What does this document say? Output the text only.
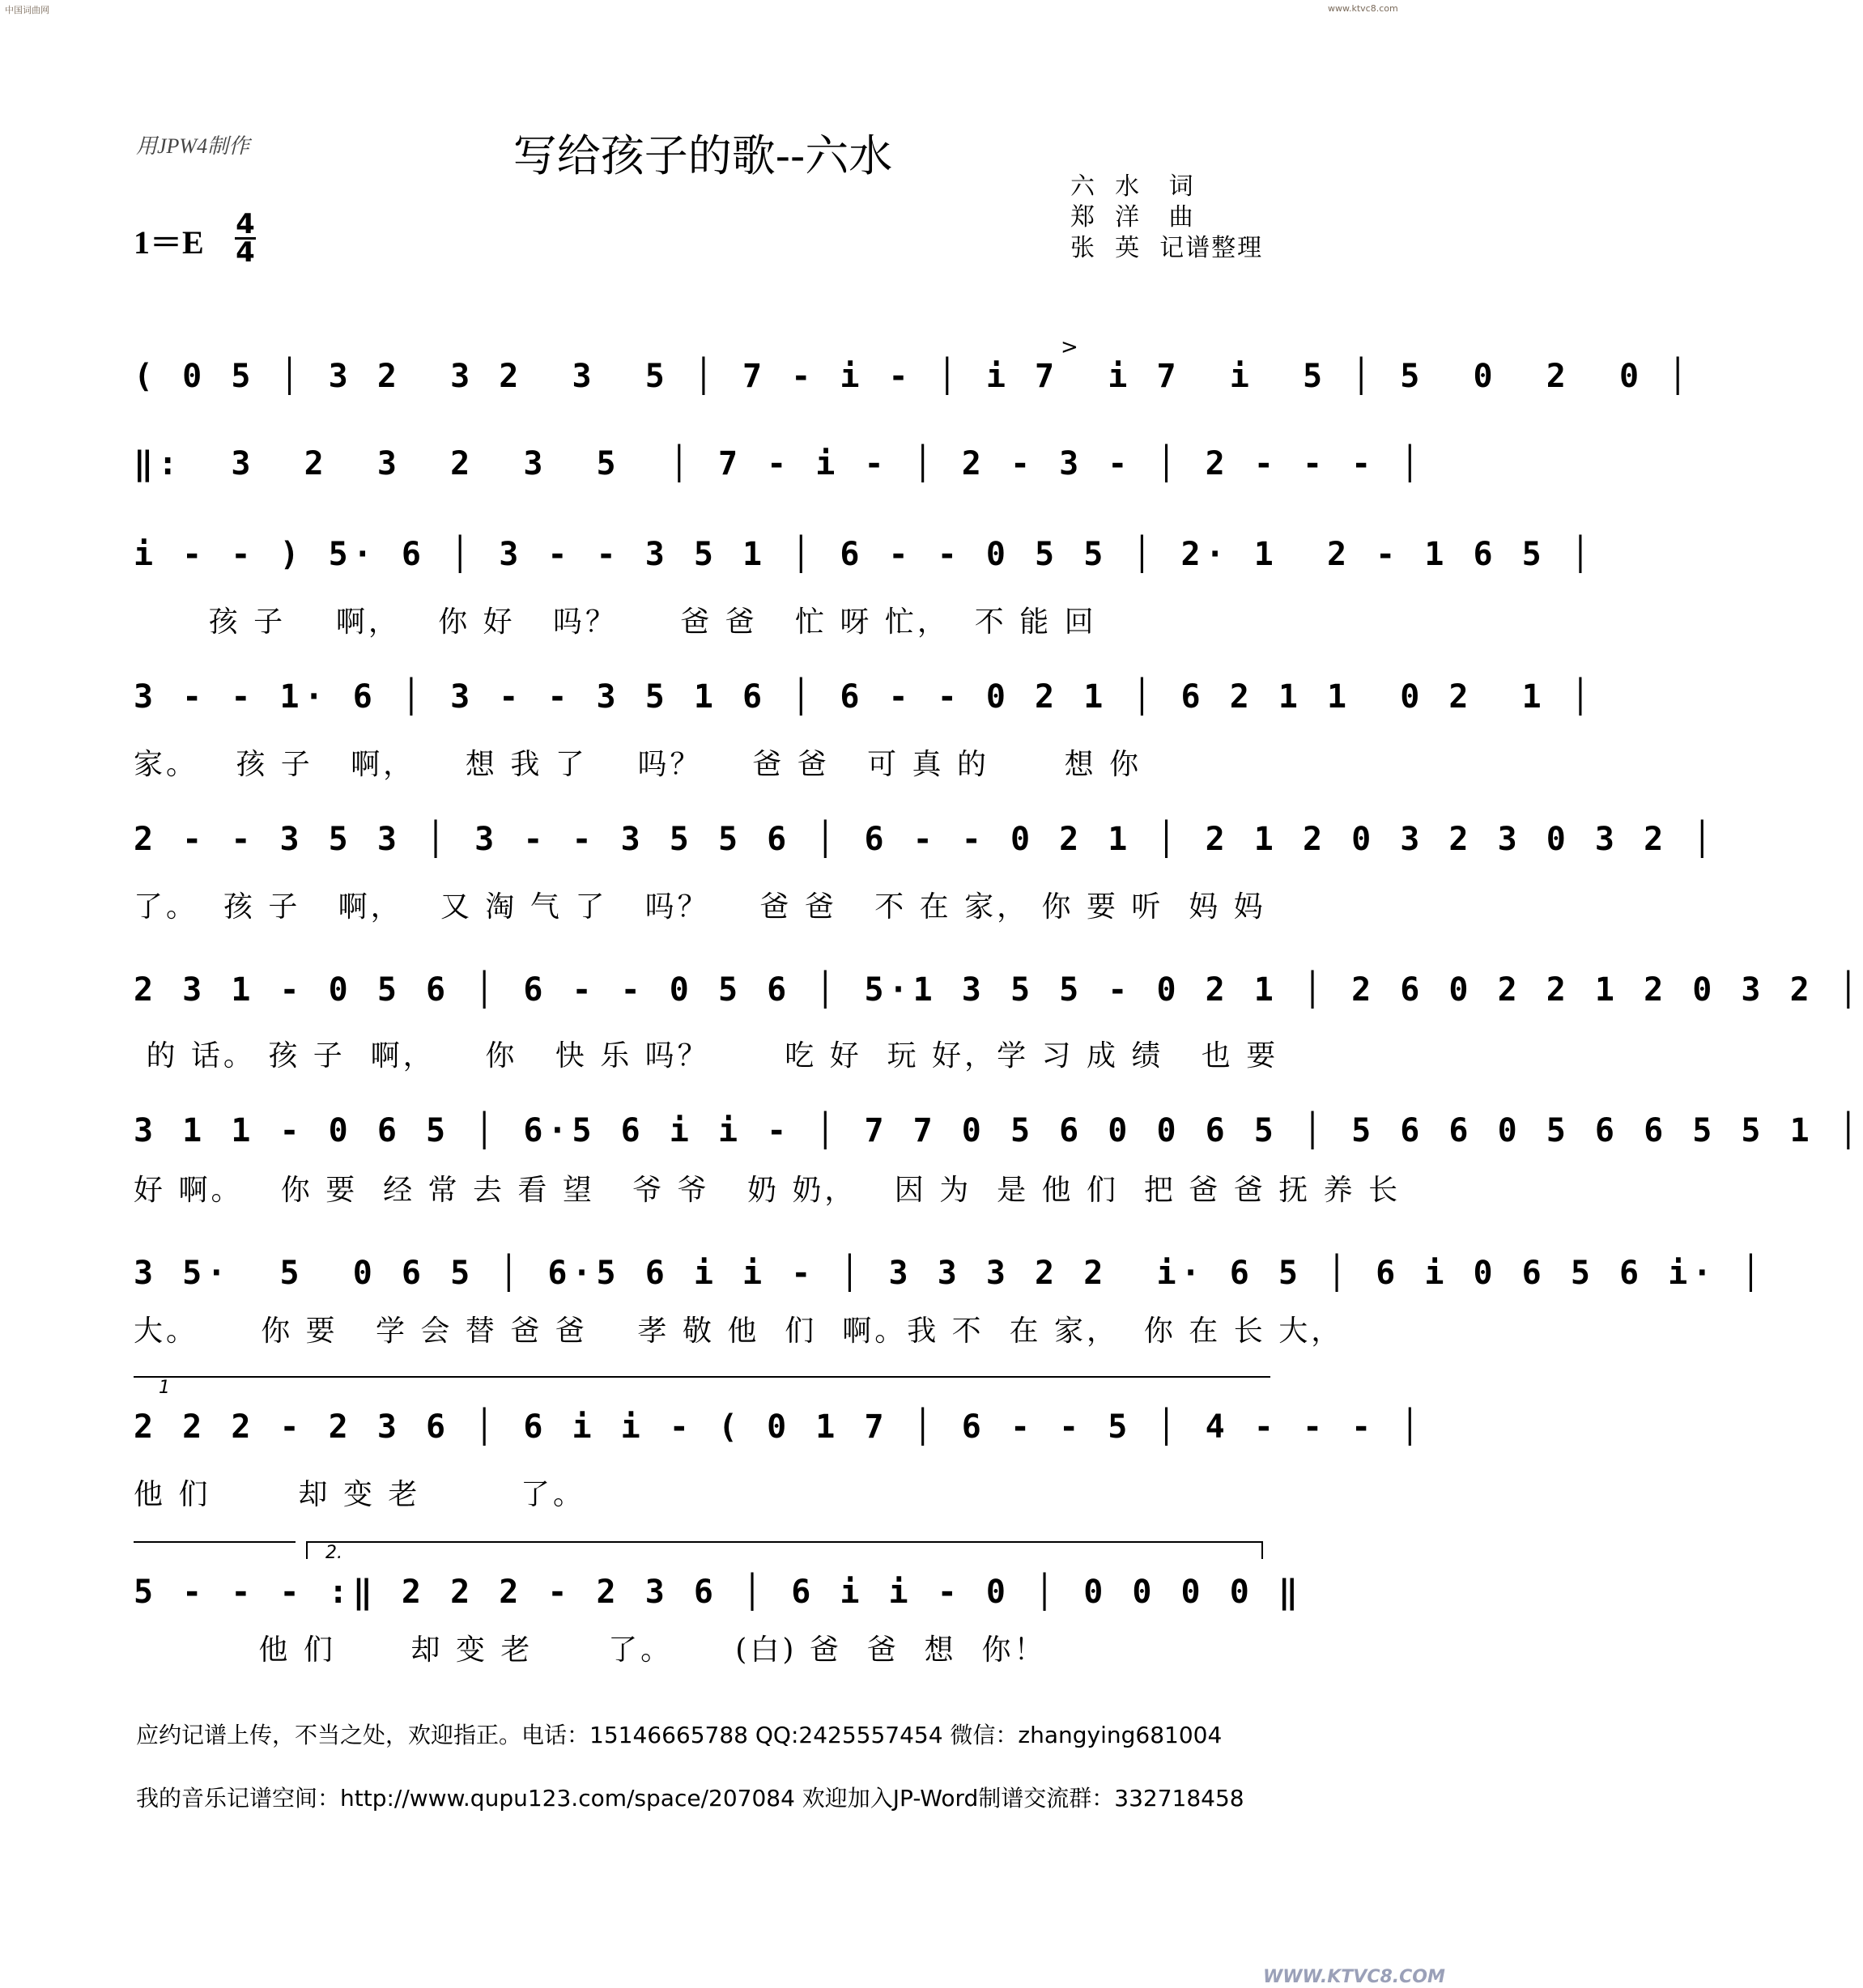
中国词曲网	www.ktvc8.com
用JPW4制作	写给孩子的歌--六水
六  水   词
郑  洋   曲
张  英  记谱整理
1＝E 4
4
>
( 0 5 │ 3 2  3 2  3  5 │ 7 - i - │ i 7  i 7  i  5 │ 5  0  2  0 │
‖:  3  2  3  2  3  5  │ 7 - i - │ 2 - 3 - │ 2 - - - │
i - - ) 5· 6 │ 3 - - 3 5 1 │ 6 - - 0 5 5 │ 2· 1  2 - 1 6 5 │
孩 子    啊，   你 好   吗？     爸 爸   忙 呀 忙，  不 能 回
3 - - 1· 6 │ 3 - - 3 5 1 6 │ 6 - - 0 2 1 │ 6 2 1 1  0 2  1 │
家。   孩 子   啊，    想 我 了    吗？    爸 爸   可 真 的      想 你
2 - - 3 5 3 │ 3 - - 3 5 5 6 │ 6 - - 0 2 1 │ 2 1 2 0 3 2 3 0 3 2 │
了。  孩 子   啊，   又 淘 气 了   吗？    爸 爸   不 在 家， 你 要 听  妈 妈
2 3 1 - 0 5 6 │ 6 - - 0 5 6 │ 5·1 3 5 5 - 0 2 1 │ 2 6 0 2 2 1 2 0 3 2 │
的 话。 孩 子  啊，    你   快 乐 吗？      吃 好  玩 好，学 习 成 绩   也 要
3 1 1 - 0 6 5 │ 6·5 6 i i - │ 7 7 0 5 6 0 0 6 5 │ 5 6 6 0 5 6 6 5 5 1 │
好 啊。   你 要  经 常 去 看 望   爷 爷   奶 奶，   因 为  是 他 们  把 爸 爸 抚 养 长
3 5·  5  0 6 5 │ 6·5 6 i i - │ 3 3 3 2 2  i· 6 5 │ 6 i 0 6 5 6 i· │
大。     你 要   学 会 替 爸 爸    孝 敬 他  们  啊。我 不  在 家，  你 在 长 大，
1
2 2 2 - 2 3 6 │ 6 i i - ( 0 1 7 │ 6 - - 5 │ 4 - - - │
他 们       却 变 老        了。
2.
5 - - - :‖ 2 2 2 - 2 3 6 │ 6 i i - 0 │ 0 0 0 0 ‖
他 们      却 变 老      了。     (白) 爸  爸  想  你！
应约记谱上传，不当之处，欢迎指正。电话：15146665788 QQ:2425557454 微信：zhangying681004
我的音乐记谱空间：http://www.qupu123.com/space/207084 欢迎加入JP-Word制谱交流群：332718458
WWW.KTVC8.COM
